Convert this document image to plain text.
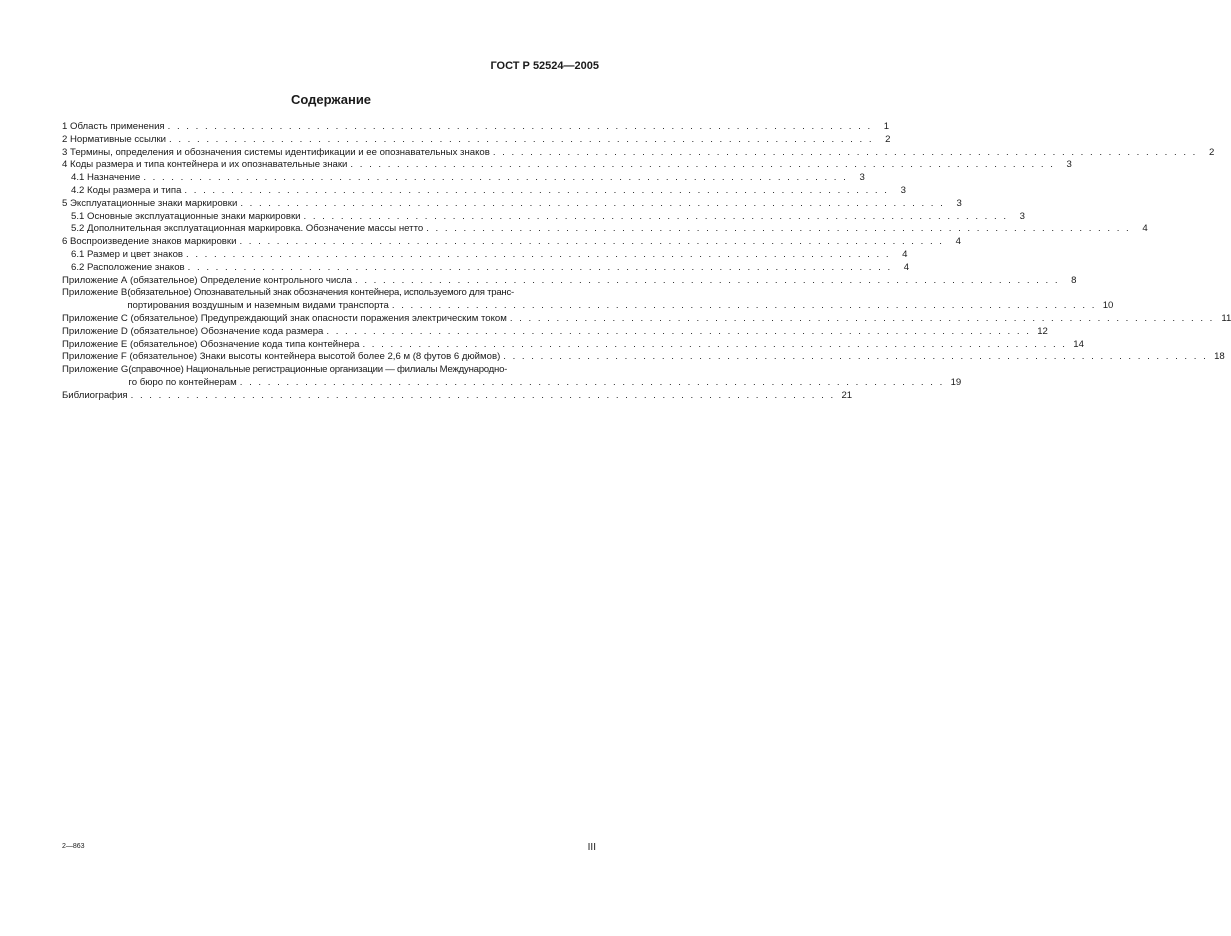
ГОСТ Р 52524—2005
Содержание
1 Область применения . . .	1
2 Нормативные ссылки . . .	2
3 Термины, определения и обозначения системы идентификации и ее опознавательных знаков . . .	2
4 Коды размера и типа контейнера и их опознавательные знаки . . .	3
4.1 Назначение . . .	3
4.2 Коды размера и типа . . .	3
5 Эксплуатационные знаки маркировки . . .	3
5.1 Основные эксплуатационные знаки маркировки . . .	3
5.2 Дополнительная эксплуатационная маркировка. Обозначение массы нетто . . .	4
6 Воспроизведение знаков маркировки . . .	4
6.1 Размер и цвет знаков . . .	4
6.2 Расположение знаков . . .	4
Приложение А (обязательное) Определение контрольного числа . . .	8
Приложение В (обязательное) Опознавательный знак обозначения контейнера, используемого для транс-
портирования воздушным и наземным видами транспорта . . .	10
Приложение С (обязательное) Предупреждающий знак опасности поражения электрическим током . . .	11
Приложение D (обязательное) Обозначение кода размера . . .	12
Приложение Е (обязательное) Обозначение кода типа контейнера . . .	14
Приложение F (обязательное) Знаки высоты контейнера высотой более 2,6 м (8 футов 6 дюймов) . . .	18
Приложение G (справочное) Национальные регистрационные организации — филиалы Международно-
го бюро по контейнерам . . .	19
Библиография . . .	21
2—863	III
